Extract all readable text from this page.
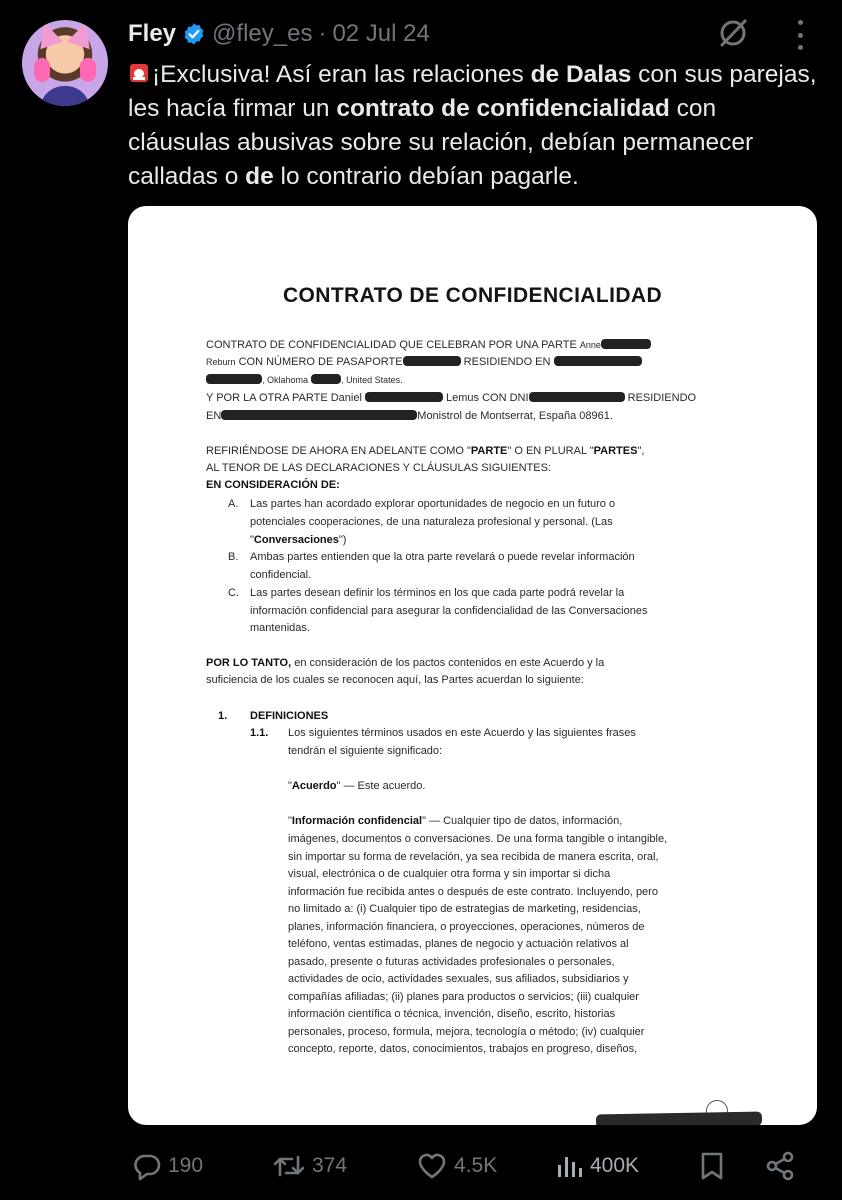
Fley @fley_es · 02 Jul 24
¡Exclusiva! Así eran las relaciones de Dalas con sus parejas, les hacía firmar un contrato de confidencialidad con cláusulas abusivas sobre su relación, debían permanecer calladas o de lo contrario debían pagarle.
CONTRATO DE CONFIDENCIALIDAD
CONTRATO DE CONFIDENCIALIDAD QUE CELEBRAN POR UNA PARTE Anne
Reburn CON NÚMERO DE PASAPORTE	RESIDIENDO EN
, Oklahoma	, United States.
Y POR LA OTRA PARTE Daniel	Lemus CON DNI	RESIDIENDO
EN	Monistrol de Montserrat, España 08961.
REFIRIÉNDOSE DE AHORA EN ADELANTE COMO "PARTE" O EN PLURAL "PARTES",
AL TENOR DE LAS DECLARACIONES Y CLÁUSULAS SIGUIENTES:
EN CONSIDERACIÓN DE:
A. Las partes han acordado explorar oportunidades de negocio en un futuro o
potenciales cooperaciones, de una naturaleza profesional y personal. (Las
"Conversaciones")
B. Ambas partes entienden que la otra parte revelará o puede revelar información
confidencial.
C. Las partes desean definir los términos en los que cada parte podrá revelar la
información confidencial para asegurar la confidencialidad de las Conversaciones
mantenidas.
POR LO TANTO, en consideración de los pactos contenidos en este Acuerdo y la
suficiencia de los cuales se reconocen aquí, las Partes acuerdan lo siguiente:
1. DEFINICIONES
1.1. Los siguientes términos usados en este Acuerdo y las siguientes frases
tendrán el siguiente significado:
"Acuerdo" — Este acuerdo.
"Información confidencial" — Cualquier tipo de datos, información,
imágenes, documentos o conversaciones. De una forma tangible o intangible,
sin importar su forma de revelación, ya sea recibida de manera escrita, oral,
visual, electrónica o de cualquier otra forma y sin importar si dicha
información fue recibida antes o después de este contrato. Incluyendo, pero
no limitado a: (i) Cualquier tipo de estrategias de marketing, residencias,
planes, información financiera, o proyecciones, operaciones, números de
teléfono, ventas estimadas, planes de negocio y actuación relativos al
pasado, presente o futuras actividades profesionales o personales,
actividades de ocio, actividades sexuales, sus afiliados, subsidiarios y
compañías afiliadas; (ii) planes para productos o servicios; (iii) cualquier
información científica o técnica, invención, diseño, escrito, historias
personales, proceso, formula, mejora, tecnología o método; (iv) cualquier
concepto, reporte, datos, conocimientos, trabajos en progreso, diseños,
190	374	4.5K	400K
